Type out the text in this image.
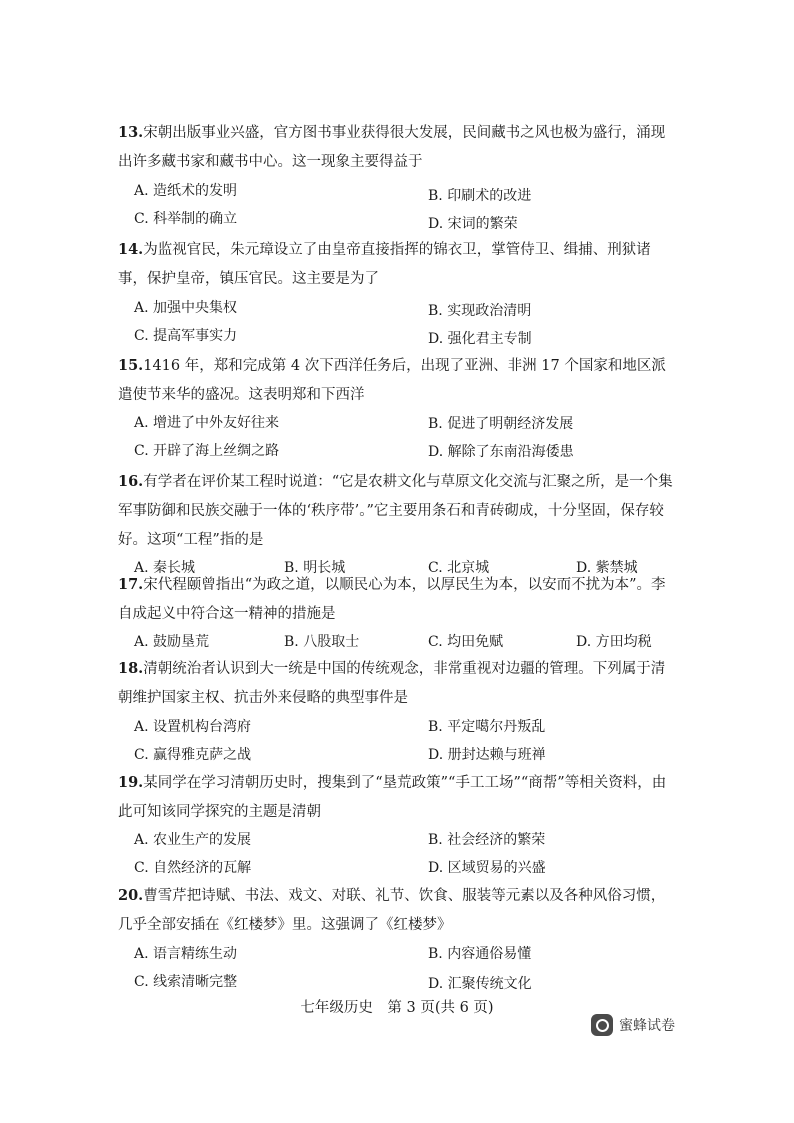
13.宋朝出版事业兴盛，官方图书事业获得很大发展，民间藏书之风也极为盛行，涌现出许多藏书家和藏书中心。这一现象主要得益于

A. 造纸术的发明	B. 印刷术的改进
C. 科举制的确立	D. 宋词的繁荣

14.为监视官民，朱元璋设立了由皇帝直接指挥的锦衣卫，掌管侍卫、缉捕、刑狱诸事，保护皇帝，镇压官民。这主要是为了

A. 加强中央集权	B. 实现政治清明
C. 提高军事实力	D. 强化君主专制

15.1416 年，郑和完成第 4 次下西洋任务后，出现了亚洲、非洲 17 个国家和地区派遣使节来华的盛况。这表明郑和下西洋

A. 增进了中外友好往来	B. 促进了明朝经济发展
C. 开辟了海上丝绸之路	D. 解除了东南沿海倭患

16.有学者在评价某工程时说道：“它是农耕文化与草原文化交流与汇聚之所，是一个集军事防御和民族交融于一体的‘秩序带’。”它主要用条石和青砖砌成，十分坚固，保存较好。这项“工程”指的是

A. 秦长城	B. 明长城	C. 北京城	D. 紫禁城

17.宋代程颐曾指出“为政之道，以顺民心为本，以厚民生为本，以安而不扰为本”。李自成起义中符合这一精神的措施是

A. 鼓励垦荒	B. 八股取士	C. 均田免赋	D. 方田均税

18.清朝统治者认识到大一统是中国的传统观念，非常重视对边疆的管理。下列属于清朝维护国家主权、抗击外来侵略的典型事件是

A. 设置机构台湾府	B. 平定噶尔丹叛乱
C. 赢得雅克萨之战	D. 册封达赖与班禅

19.某同学在学习清朝历史时，搜集到了“垦荒政策”“手工工场”“商帮”等相关资料，由此可知该同学探究的主题是清朝

A. 农业生产的发展	B. 社会经济的繁荣
C. 自然经济的瓦解	D. 区域贸易的兴盛

20.曹雪芹把诗赋、书法、戏文、对联、礼节、饮食、服装等元素以及各种风俗习惯，几乎全部安插在《红楼梦》里。这强调了《红楼梦》

A. 语言精练生动	B. 内容通俗易懂
C. 线索清晰完整	D. 汇聚传统文化
七年级历史　第 3 页(共 6 页)
蜜蜂试卷
